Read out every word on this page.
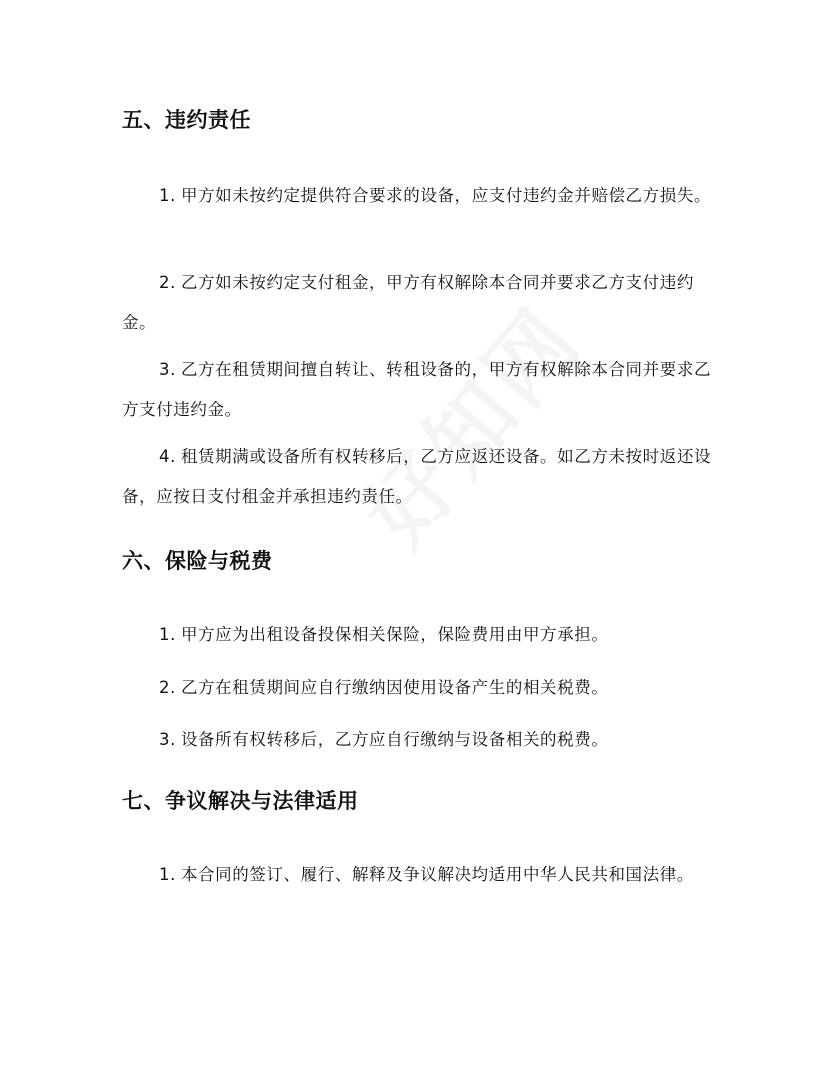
五、违约责任

1. 甲方如未按约定提供符合要求的设备，应支付违约金并赔偿乙方损失。

2. 乙方如未按约定支付租金，甲方有权解除本合同并要求乙方支付违约金。

3. 乙方在租赁期间擅自转让、转租设备的，甲方有权解除本合同并要求乙方支付违约金。

4. 租赁期满或设备所有权转移后，乙方应返还设备。如乙方未按时返还设备，应按日支付租金并承担违约责任。

六、保险与税费

1. 甲方应为出租设备投保相关保险，保险费用由甲方承担。

2. 乙方在租赁期间应自行缴纳因使用设备产生的相关税费。

3. 设备所有权转移后，乙方应自行缴纳与设备相关的税费。

七、争议解决与法律适用

1. 本合同的签订、履行、解释及争议解决均适用中华人民共和国法律。
